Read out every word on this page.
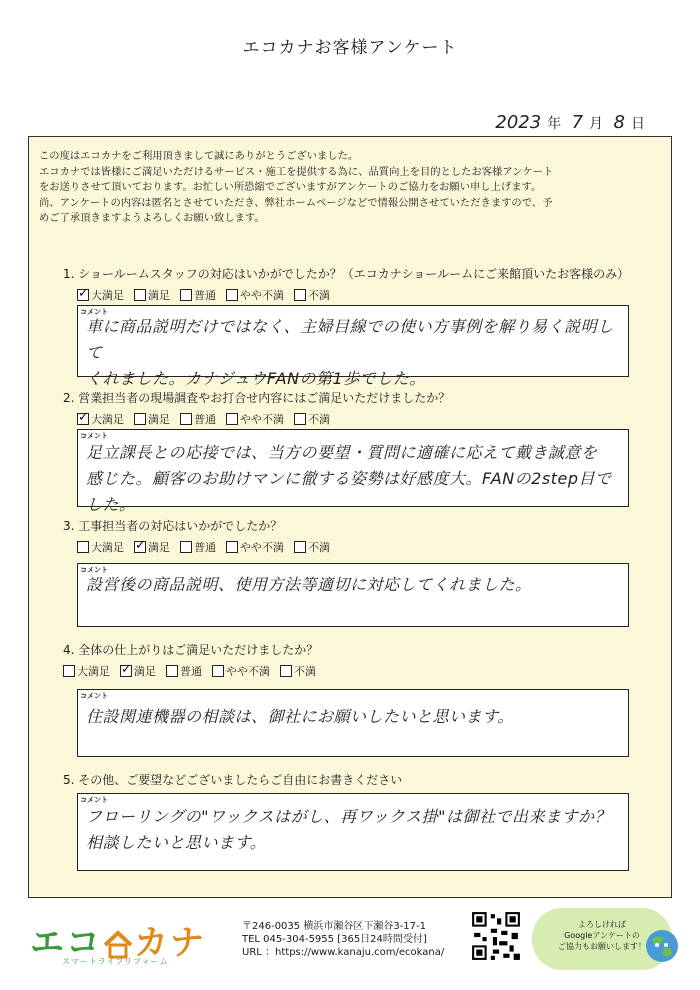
エコカナお客様アンケート
2023 年 7 月 8 日
この度はエコカナをご利用頂きまして誠にありがとうございました。
エコカナでは皆様にご満足いただけるサービス・施工を提供する為に、品質向上を目的としたお客様アンケート
をお送りさせて頂いております。お忙しい所恐縮でございますがアンケートのご協力をお願い申し上げます。
尚、アンケートの内容は匿名とさせていただき、弊社ホームページなどで情報公開させていただきますので、予
めご了承頂きますようよろしくお願い致します。
1. ショールームスタッフの対応はいかがでしたか？（エコカナショールームにご来館頂いたお客様のみ）
✓
大満足 満足 普通 やや不満 不満
コメント
車に商品説明だけではなく、主婦目線での使い方事例を解り易く説明して
くれました。カナジュウFANの第1歩でした。
2. 営業担当者の現場調査やお打合せ内容にはご満足いただけましたか？
✓
大満足 満足 普通 やや不満 不満
コメント
足立課長との応接では、当方の要望・質問に適確に応えて戴き誠意を
感じた。顧客のお助けマンに徹する姿勢は好感度大。FANの2step目でした。
3. 工事担当者の対応はいかがでしたか？
大満足 ✓ 満足 普通 やや不満 不満
コメント
設営後の商品説明、使用方法等適切に対応してくれました。
4. 全体の仕上がりはご満足いただけましたか？
大満足 ✓ 満足 普通 やや不満 不満
コメント
住設関連機器の相談は、御社にお願いしたいと思います。
5. その他、ご要望などございましたらご自由にお書きください
コメント
フローリングの"ワックスはがし、再ワックス掛"は御社で出来ますか？
相談したいと思います。
エコ カナ
スマートライフリフォーム
〒246-0035 横浜市瀬谷区下瀬谷3-17-1
TEL 045-304-5955 [365日24時間受付]
URL ：https://www.kanaju.com/ecokana/
よろしければ
Googleアンケートの
ご協力もお願いします！
